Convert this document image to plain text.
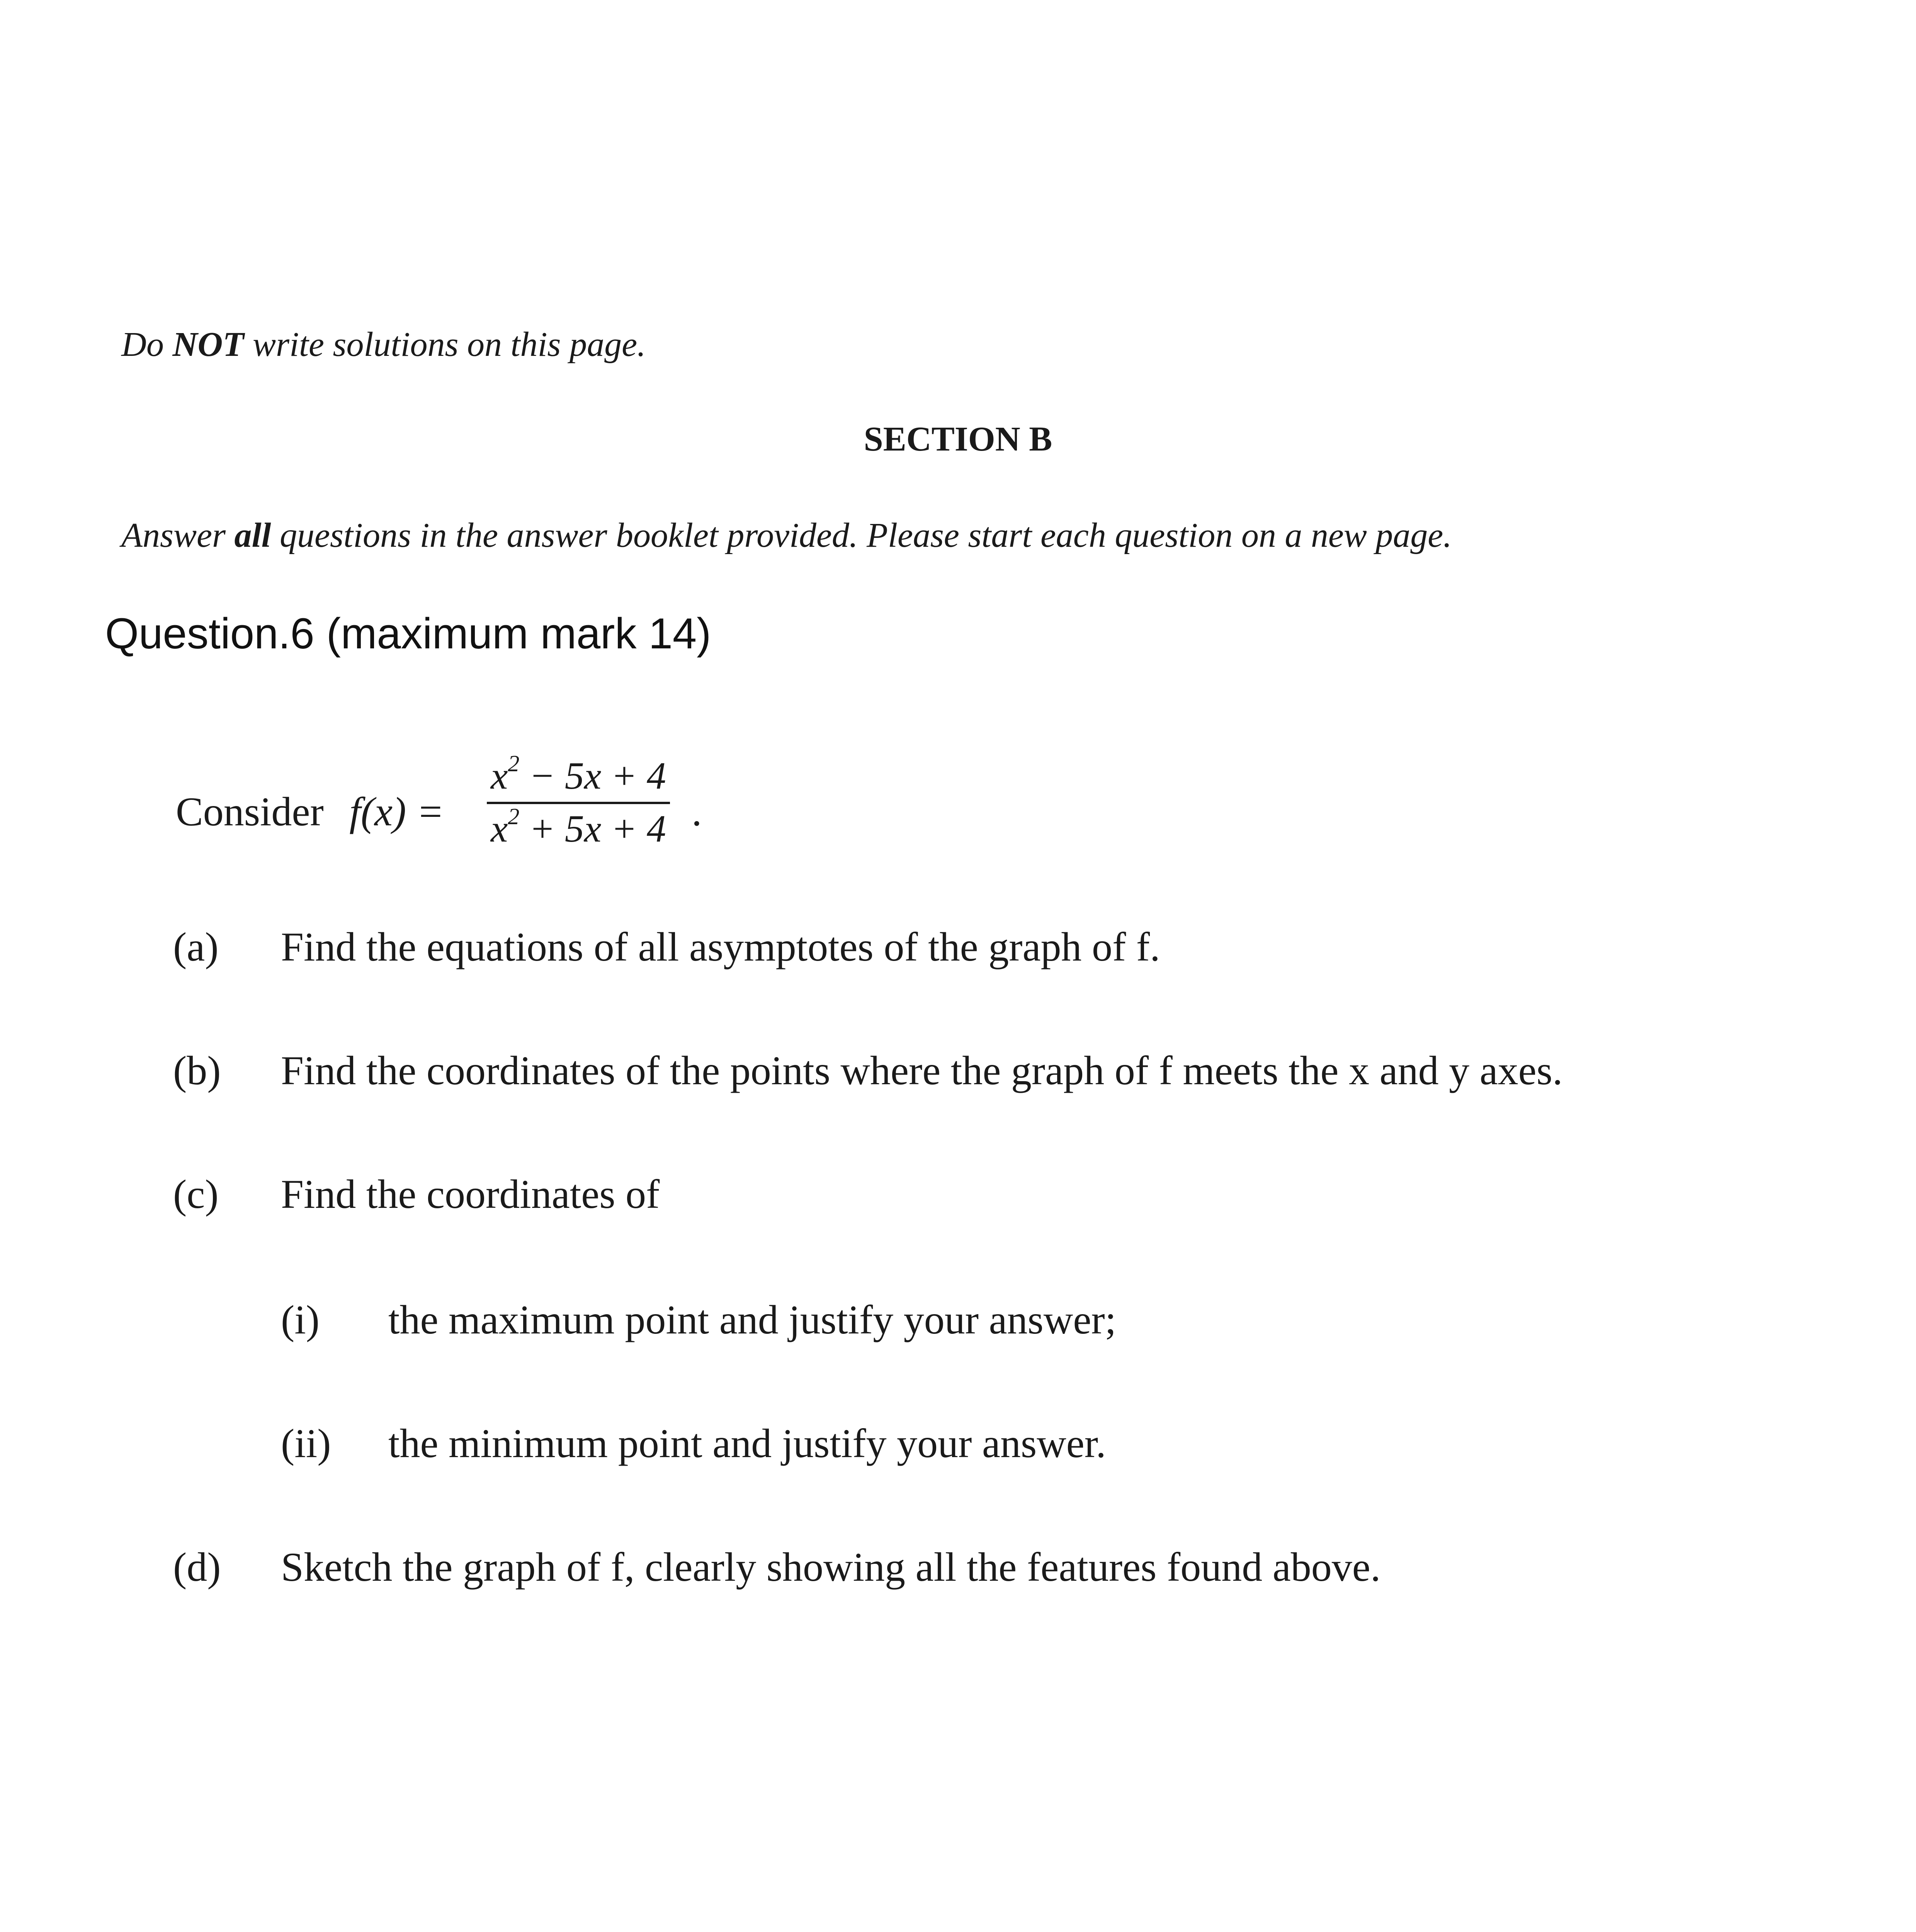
Do NOT write solutions on this page.
SECTION B
Answer all questions in the answer booklet provided. Please start each question on a new page.
Question.6 (maximum mark 14)
Consider $f(x) = \frac{x^2 - 5x + 4}{x^2 + 5x + 4}$ .
(a) Find the equations of all asymptotes of the graph of f.
(b) Find the coordinates of the points where the graph of f meets the x and y axes.
(c) Find the coordinates of
(i) the maximum point and justify your answer;
(ii) the minimum point and justify your answer.
(d) Sketch the graph of f, clearly showing all the features found above.
